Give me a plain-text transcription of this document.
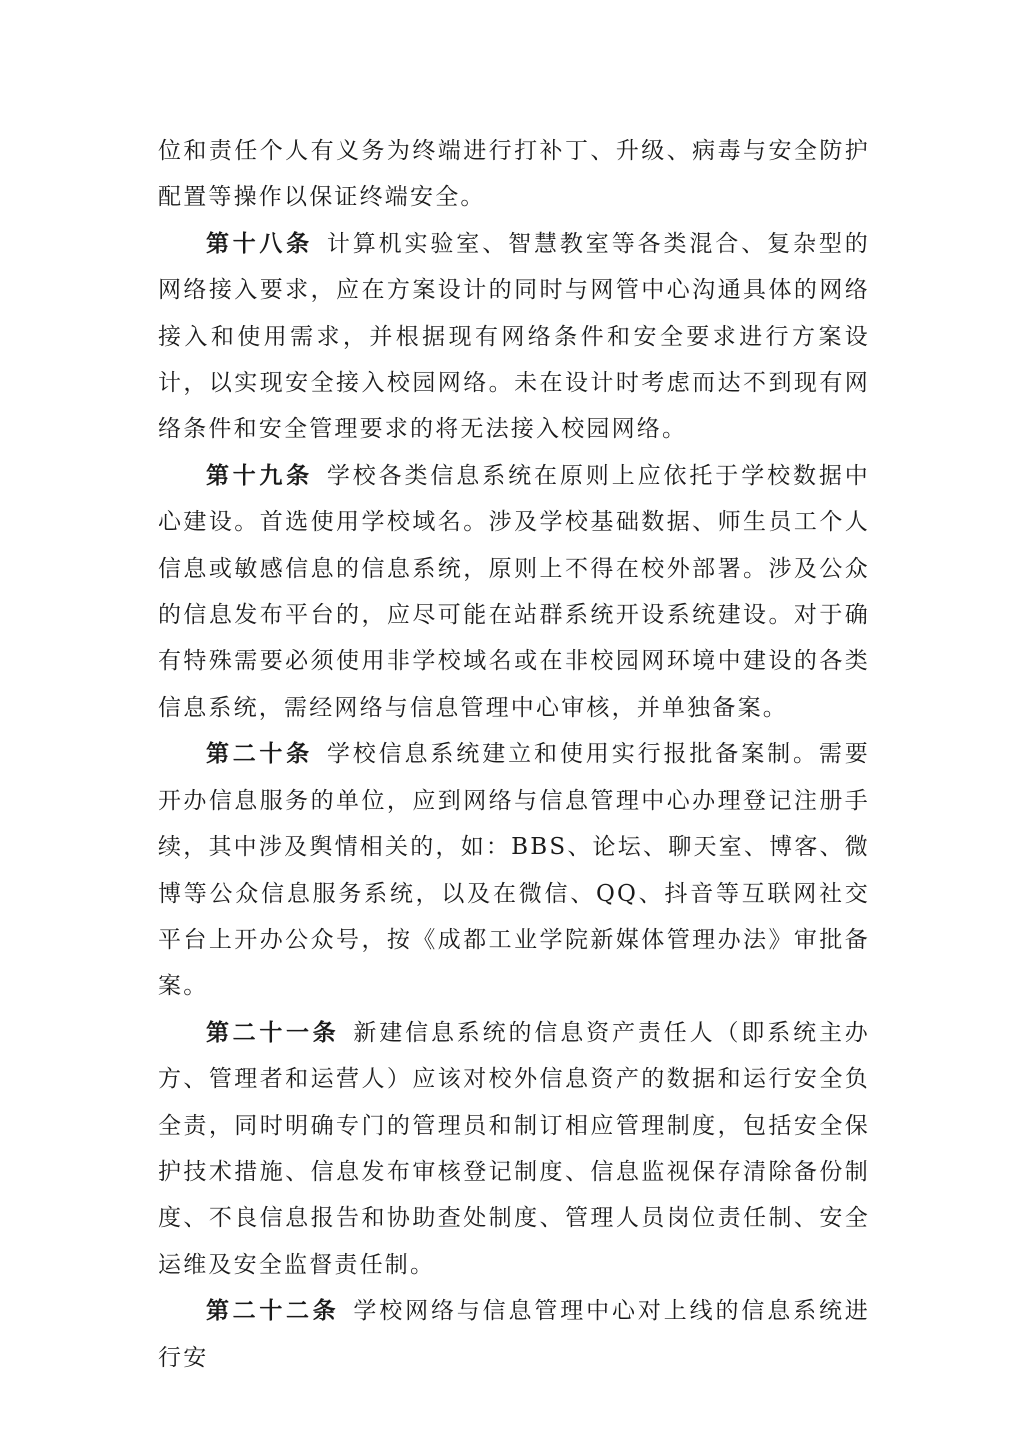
位和责任个人有义务为终端进行打补丁、升级、病毒与安全防护配置等操作以保证终端安全。

第十八条 计算机实验室、智慧教室等各类混合、复杂型的网络接入要求，应在方案设计的同时与网管中心沟通具体的网络接入和使用需求，并根据现有网络条件和安全要求进行方案设计，以实现安全接入校园网络。未在设计时考虑而达不到现有网络条件和安全管理要求的将无法接入校园网络。

第十九条 学校各类信息系统在原则上应依托于学校数据中心建设。首选使用学校域名。涉及学校基础数据、师生员工个人信息或敏感信息的信息系统，原则上不得在校外部署。涉及公众的信息发布平台的，应尽可能在站群系统开设系统建设。对于确有特殊需要必须使用非学校域名或在非校园网环境中建设的各类信息系统，需经网络与信息管理中心审核，并单独备案。

第二十条 学校信息系统建立和使用实行报批备案制。需要开办信息服务的单位，应到网络与信息管理中心办理登记注册手续，其中涉及舆情相关的，如：BBS、论坛、聊天室、博客、微博等公众信息服务系统，以及在微信、QQ、抖音等互联网社交平台上开办公众号，按《成都工业学院新媒体管理办法》审批备案。

第二十一条 新建信息系统的信息资产责任人（即系统主办方、管理者和运营人）应该对校外信息资产的数据和运行安全负全责，同时明确专门的管理员和制订相应管理制度，包括安全保护技术措施、信息发布审核登记制度、信息监视保存清除备份制度、不良信息报告和协助查处制度、管理人员岗位责任制、安全运维及安全监督责任制。

第二十二条 学校网络与信息管理中心对上线的信息系统进行安
